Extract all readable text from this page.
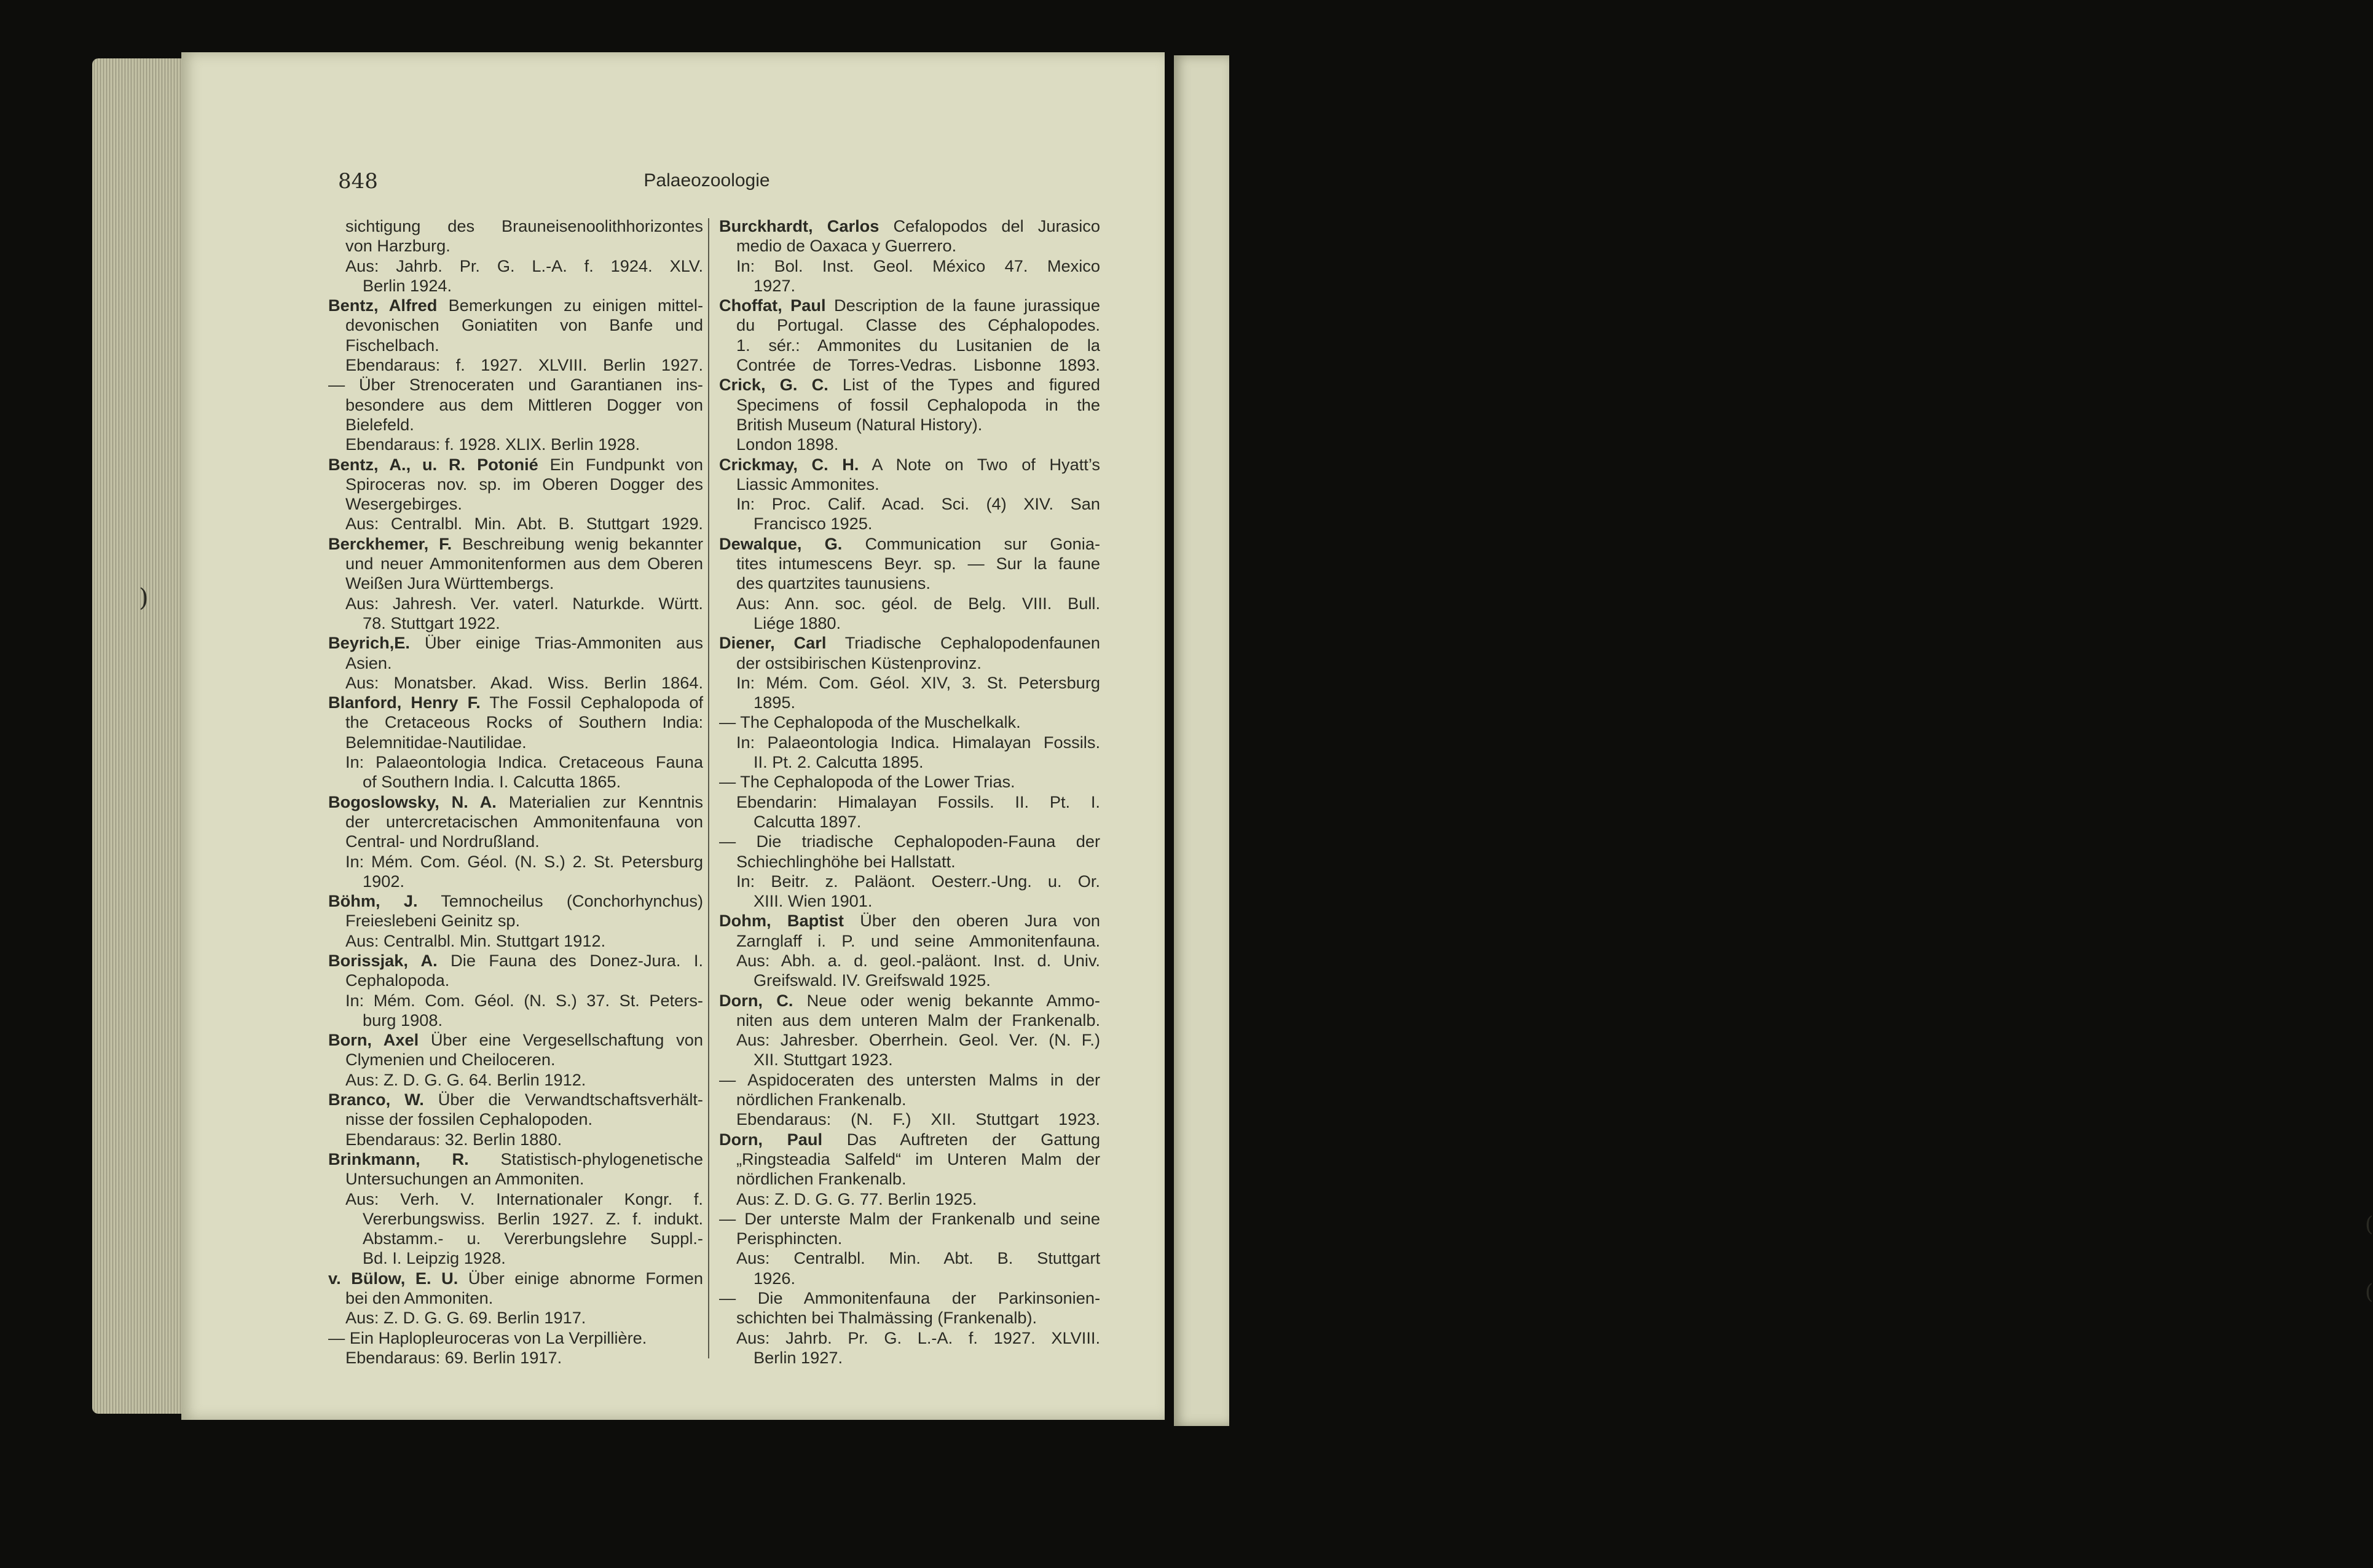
(
(
)
848	Palaeozoologie
sichtigung des Brauneisenoolithhorizontes
von Harzburg.
Aus: Jahrb. Pr. G. L.-A. f. 1924. XLV.
Berlin 1924.
Bentz, Alfred Bemerkungen zu einigen mittel-
devonischen Goniatiten von Banfe und
Fischelbach.
Ebendaraus: f. 1927. XLVIII. Berlin 1927.
— Über Strenoceraten und Garantianen ins-
besondere aus dem Mittleren Dogger von
Bielefeld.
Ebendaraus: f. 1928. XLIX. Berlin 1928.
Bentz, A., u. R. Potonié Ein Fundpunkt von
Spiroceras nov. sp. im Oberen Dogger des
Wesergebirges.
Aus: Centralbl. Min. Abt. B. Stuttgart 1929.
Berckhemer, F. Beschreibung wenig bekannter
und neuer Ammonitenformen aus dem Oberen
Weißen Jura Württembergs.
Aus: Jahresh. Ver. vaterl. Naturkde. Württ.
78. Stuttgart 1922.
Beyrich,E. Über einige Trias-Ammoniten aus
Asien.
Aus: Monatsber. Akad. Wiss. Berlin 1864.
Blanford, Henry F. The Fossil Cephalopoda of
the Cretaceous Rocks of Southern India:
Belemnitidae-Nautilidae.
In: Palaeontologia Indica. Cretaceous Fauna
of Southern India. I. Calcutta 1865.
Bogoslowsky, N. A. Materialien zur Kenntnis
der untercretacischen Ammonitenfauna von
Central- und Nordrußland.
In: Mém. Com. Géol. (N. S.) 2. St. Petersburg
1902.
Böhm, J. Temnocheilus (Conchorhynchus)
Freieslebeni Geinitz sp.
Aus: Centralbl. Min. Stuttgart 1912.
Borissjak, A. Die Fauna des Donez-Jura. I.
Cephalopoda.
In: Mém. Com. Géol. (N. S.) 37. St. Peters-
burg 1908.
Born, Axel Über eine Vergesellschaftung von
Clymenien und Cheiloceren.
Aus: Z. D. G. G. 64. Berlin 1912.
Branco, W. Über die Verwandtschaftsverhält-
nisse der fossilen Cephalopoden.
Ebendaraus: 32. Berlin 1880.
Brinkmann, R. Statistisch-phylogenetische
Untersuchungen an Ammoniten.
Aus: Verh. V. Internationaler Kongr. f.
Vererbungswiss. Berlin 1927. Z. f. indukt.
Abstamm.- u. Vererbungslehre Suppl.-
Bd. I. Leipzig 1928.
v. Bülow, E. U. Über einige abnorme Formen
bei den Ammoniten.
Aus: Z. D. G. G. 69. Berlin 1917.
— Ein Haplopleuroceras von La Verpillière.
Ebendaraus: 69. Berlin 1917.
Burckhardt, Carlos Cefalopodos del Jurasico
medio de Oaxaca y Guerrero.
In: Bol. Inst. Geol. México 47. Mexico
1927.
Choffat, Paul Description de la faune jurassique
du Portugal. Classe des Céphalopodes.
1. sér.: Ammonites du Lusitanien de la
Contrée de Torres-Vedras. Lisbonne 1893.
Crick, G. C. List of the Types and figured
Specimens of fossil Cephalopoda in the
British Museum (Natural History).
London 1898.
Crickmay, C. H. A Note on Two of Hyatt’s
Liassic Ammonites.
In: Proc. Calif. Acad. Sci. (4) XIV. San
Francisco 1925.
Dewalque, G. Communication sur Gonia-
tites intumescens Beyr. sp. — Sur la faune
des quartzites taunusiens.
Aus: Ann. soc. géol. de Belg. VIII. Bull.
Liége 1880.
Diener, Carl Triadische Cephalopodenfaunen
der ostsibirischen Küstenprovinz.
In: Mém. Com. Géol. XIV, 3. St. Petersburg
1895.
— The Cephalopoda of the Muschelkalk.
In: Palaeontologia Indica. Himalayan Fossils.
II. Pt. 2. Calcutta 1895.
— The Cephalopoda of the Lower Trias.
Ebendarin: Himalayan Fossils. II. Pt. I.
Calcutta 1897.
— Die triadische Cephalopoden-Fauna der
Schiechlinghöhe bei Hallstatt.
In: Beitr. z. Paläont. Oesterr.-Ung. u. Or.
XIII. Wien 1901.
Dohm, Baptist Über den oberen Jura von
Zarnglaff i. P. und seine Ammonitenfauna.
Aus: Abh. a. d. geol.-paläont. Inst. d. Univ.
Greifswald. IV. Greifswald 1925.
Dorn, C. Neue oder wenig bekannte Ammo-
niten aus dem unteren Malm der Frankenalb.
Aus: Jahresber. Oberrhein. Geol. Ver. (N. F.)
XII. Stuttgart 1923.
— Aspidoceraten des untersten Malms in der
nördlichen Frankenalb.
Ebendaraus: (N. F.) XII. Stuttgart 1923.
Dorn, Paul Das Auftreten der Gattung
„Ringsteadia Salfeld“ im Unteren Malm der
nördlichen Frankenalb.
Aus: Z. D. G. G. 77. Berlin 1925.
— Der unterste Malm der Frankenalb und seine
Perisphincten.
Aus: Centralbl. Min. Abt. B. Stuttgart
1926.
— Die Ammonitenfauna der Parkinsonien-
schichten bei Thalmässing (Frankenalb).
Aus: Jahrb. Pr. G. L.-A. f. 1927. XLVIII.
Berlin 1927.
